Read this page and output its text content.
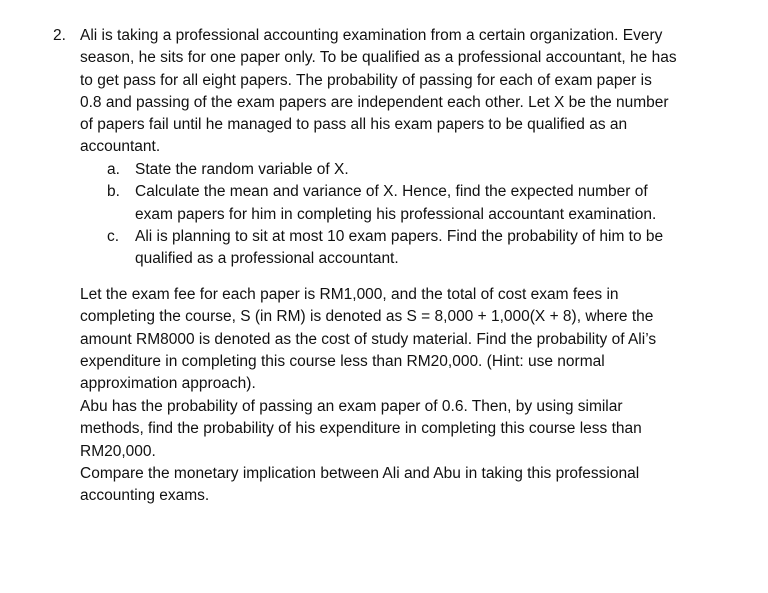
2. Ali is taking a professional accounting examination from a certain organization. Every
season, he sits for one paper only. To be qualified as a professional accountant, he has
to get pass for all eight papers. The probability of passing for each of exam paper is
0.8 and passing of the exam papers are independent each other. Let X be the number
of papers fail until he managed to pass all his exam papers to be qualified as an
accountant.

a. State the random variable of X.
b. Calculate the mean and variance of X. Hence, find the expected number of
exam papers for him in completing his professional accountant examination.
c. Ali is planning to sit at most 10 exam papers. Find the probability of him to be
qualified as a professional accountant.

Let the exam fee for each paper is RM1,000, and the total of cost exam fees in
completing the course, S (in RM) is denoted as S = 8,000 + 1,000(X + 8), where the
amount RM8000 is denoted as the cost of study material. Find the probability of Ali’s
expenditure in completing this course less than RM20,000. (Hint: use normal
approximation approach).

Abu has the probability of passing an exam paper of 0.6. Then, by using similar
methods, find the probability of his expenditure in completing this course less than
RM20,000.

Compare the monetary implication between Ali and Abu in taking this professional
accounting exams.
